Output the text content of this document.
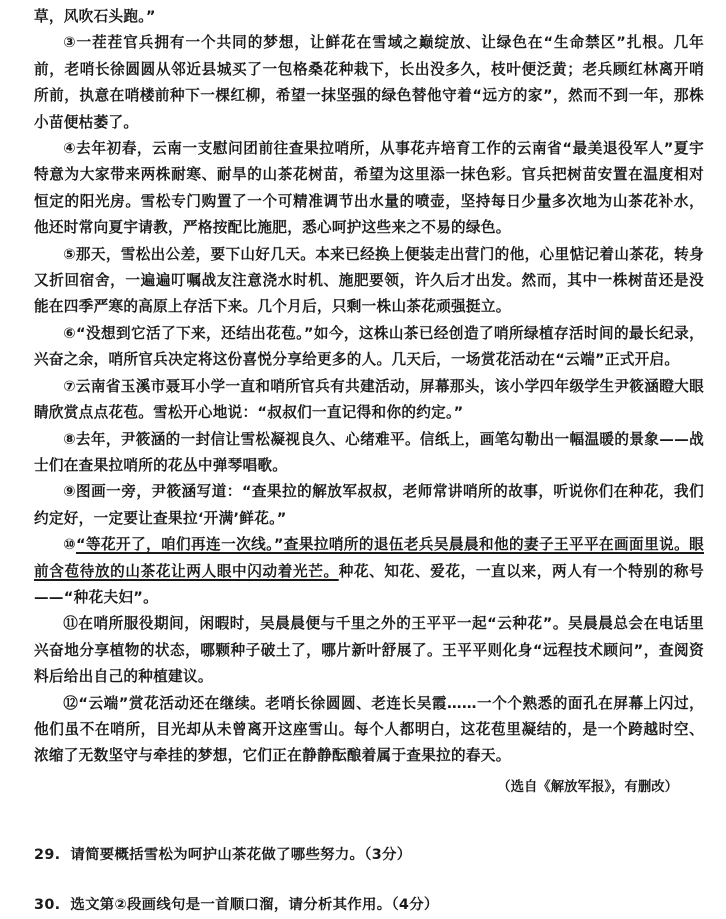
草，风吹石头跑。”

③一茬茬官兵拥有一个共同的梦想，让鲜花在雪域之巅绽放、让绿色在“生命禁区”扎根。几年前，老哨长徐圆圆从邻近县城买了一包格桑花种栽下，长出没多久，枝叶便泛黄；老兵顾红林离开哨所前，执意在哨楼前种下一棵红柳，希望一抹坚强的绿色替他守着“远方的家”，然而不到一年，那株小苗便枯萎了。

④去年初春，云南一支慰问团前往查果拉哨所，从事花卉培育工作的云南省“最美退役军人”夏宇特意为大家带来两株耐寒、耐旱的山茶花树苗，希望为这里添一抹色彩。官兵把树苗安置在温度相对恒定的阳光房。雪松专门购置了一个可精准调节出水量的喷壶，坚持每日少量多次地为山茶花补水，他还时常向夏宇请教，严格按配比施肥，悉心呵护这些来之不易的绿色。

⑤那天，雪松出公差，要下山好几天。本来已经换上便装走出营门的他，心里惦记着山茶花，转身又折回宿舍，一遍遍叮嘱战友注意浇水时机、施肥要领，许久后才出发。然而，其中一株树苗还是没能在四季严寒的高原上存活下来。几个月后，只剩一株山茶花顽强挺立。

⑥“没想到它活了下来，还结出花苞。”如今，这株山茶已经创造了哨所绿植存活时间的最长纪录，兴奋之余，哨所官兵决定将这份喜悦分享给更多的人。几天后，一场赏花活动在“云端”正式开启。

⑦云南省玉溪市聂耳小学一直和哨所官兵有共建活动，屏幕那头，该小学四年级学生尹筱涵瞪大眼睛欣赏点点花苞。雪松开心地说：“叔叔们一直记得和你的约定。”

⑧去年，尹筱涵的一封信让雪松凝视良久、心绪难平。信纸上，画笔勾勒出一幅温暖的景象——战士们在查果拉哨所的花丛中弹琴唱歌。

⑨图画一旁，尹筱涵写道：“查果拉的解放军叔叔，老师常讲哨所的故事，听说你们在种花，我们约定好，一定要让查果拉‘开满’鲜花。”

⑩“等花开了，咱们再连一次线。”查果拉哨所的退伍老兵吴晨晨和他的妻子王平平在画面里说。眼前含苞待放的山茶花让两人眼中闪动着光芒。种花、知花、爱花，一直以来，两人有一个特别的称号——“种花夫妇”。

⑪在哨所服役期间，闲暇时，吴晨晨便与千里之外的王平平一起“云种花”。吴晨晨总会在电话里兴奋地分享植物的状态，哪颗种子破土了，哪片新叶舒展了。王平平则化身“远程技术顾问”，查阅资料后给出自己的种植建议。

⑫“云端”赏花活动还在继续。老哨长徐圆圆、老连长吴霞……一个个熟悉的面孔在屏幕上闪过，他们虽不在哨所，目光却从未曾离开这座雪山。每个人都明白，这花苞里凝结的，是一个跨越时空、浓缩了无数坚守与牵挂的梦想，它们正在静静酝酿着属于查果拉的春天。

（选自《解放军报》，有删改）
29. 请简要概括雪松为呵护山茶花做了哪些努力。（3分）
30. 选文第②段画线句是一首顺口溜，请分析其作用。（4分）
